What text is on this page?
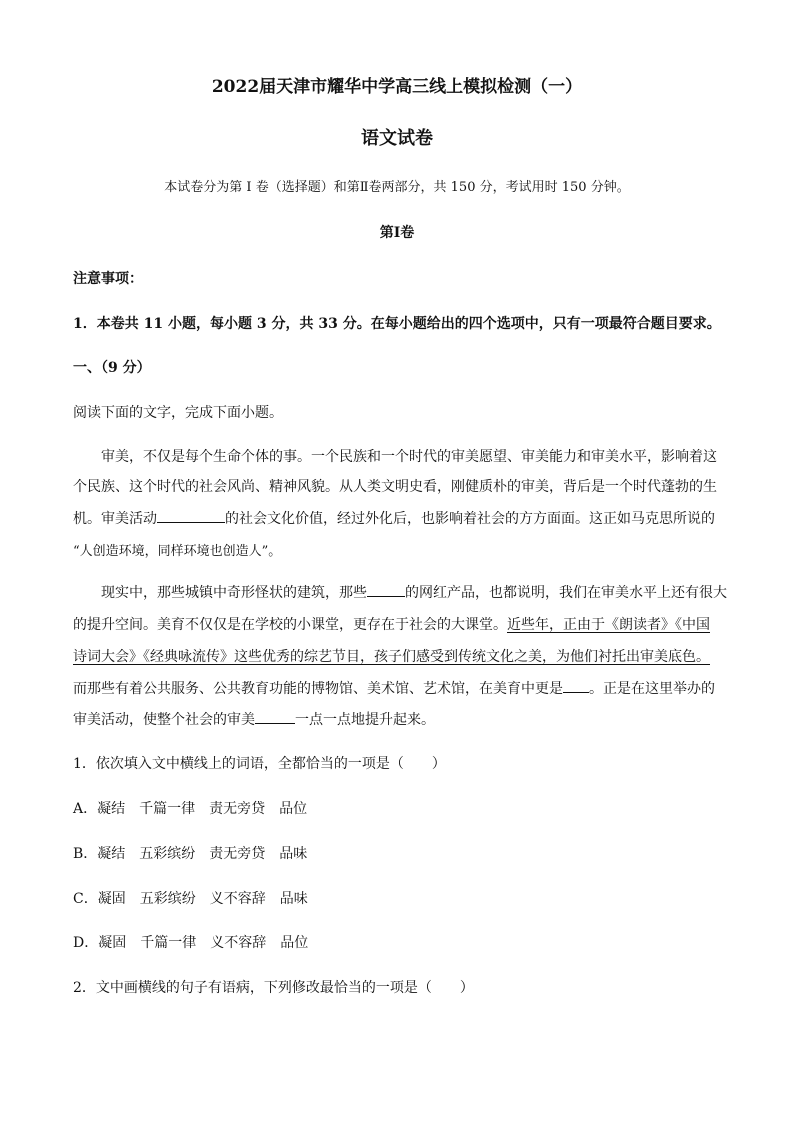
2022届天津市耀华中学高三线上模拟检测（一）
语文试卷
本试卷分为第 I 卷（选择题）和第Ⅱ卷两部分，共 150 分，考试用时 150 分钟。
第I卷
注意事项：
1．本卷共 11 小题，每小题 3 分，共 33 分。在每小题给出的四个选项中，只有一项最符合题目要求。
一、（9 分）
阅读下面的文字，完成下面小题。
审美，不仅是每个生命个体的事。一个民族和一个时代的审美愿望、审美能力和审美水平，影响着这
个民族、这个时代的社会风尚、精神风貌。从人类文明史看，刚健质朴的审美，背后是一个时代蓬勃的生
机。审美活动	的社会文化价值，经过外化后，也影响着社会的方方面面。这正如马克思所说的
“人创造环境，同样环境也创造人”。
现实中，那些城镇中奇形怪状的建筑，那些	的网红产品，也都说明，我们在审美水平上还有很大
的提升空间。美育不仅仅是在学校的小课堂，更存在于社会的大课堂。近些年，正由于《朗读者》《中国
诗词大会》《经典咏流传》这些优秀的综艺节目，孩子们感受到传统文化之美，为他们衬托出审美底色。
而那些有着公共服务、公共教育功能的博物馆、美术馆、艺术馆，在美育中更是 。正是在这里举办的
审美活动，使整个社会的审美	一点一点地提升起来。
1．依次填入文中横线上的词语，全都恰当的一项是（　　）
A．凝结　千篇一律　责无旁贷　品位
B．凝结　五彩缤纷　责无旁贷　品味
C．凝固　五彩缤纷　义不容辞　品味
D．凝固　千篇一律　义不容辞　品位
2．文中画横线的句子有语病，下列修改最恰当的一项是（　　）
